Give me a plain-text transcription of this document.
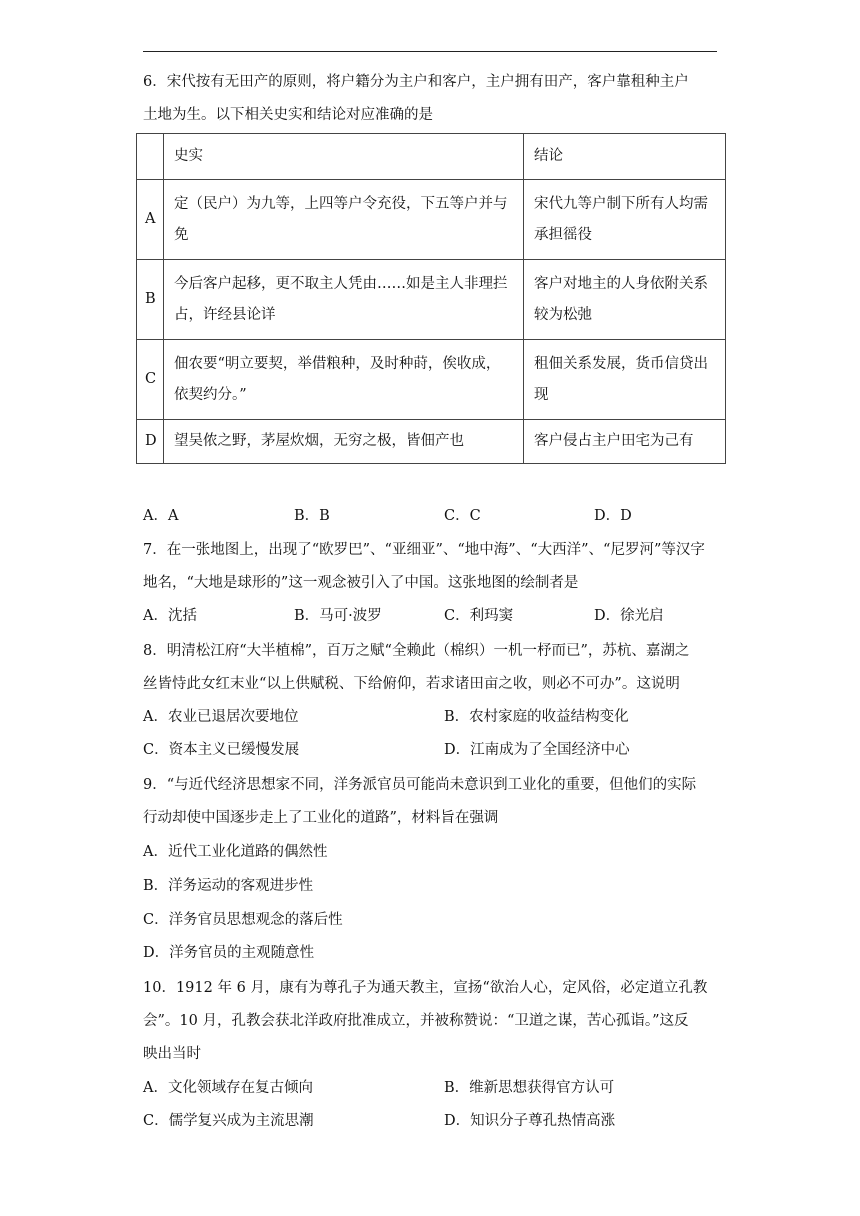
6．宋代按有无田产的原则，将户籍分为主户和客户，主户拥有田产，客户靠租种主户
土地为生。以下相关史实和结论对应准确的是
	史实	结论
A	定（民户）为九等，上四等户令充役，下五等户并与免	宋代九等户制下所有人均需承担徭役
B	今后客户起移，更不取主人凭由……如是主人非理拦占，许经县论详	客户对地主的人身依附关系较为松弛
C	佃农要“明立要契，举借粮种，及时种莳，俟收成，依契约分。”	租佃关系发展，货币信贷出现
D	望吴侬之野，茅屋炊烟，无穷之极，皆佃产也	客户侵占主户田宅为己有
A．A	B．B	C．C	D．D
7．在一张地图上，出现了“欧罗巴”、“亚细亚”、“地中海”、“大西洋”、“尼罗河”等汉字
地名，“大地是球形的”这一观念被引入了中国。这张地图的绘制者是
A．沈括	B．马可·波罗	C．利玛窦	D．徐光启
8．明清松江府“大半植棉”，百万之赋“全赖此（棉织）一机一杼而已”，苏杭、嘉湖之
丝皆恃此女红末业“以上供赋税、下给俯仰，若求诸田亩之收，则必不可办”。这说明
A．农业已退居次要地位	B．农村家庭的收益结构变化
C．资本主义已缓慢发展	D．江南成为了全国经济中心
9．“与近代经济思想家不同，洋务派官员可能尚未意识到工业化的重要，但他们的实际
行动却使中国逐步走上了工业化的道路”，材料旨在强调
A．近代工业化道路的偶然性
B．洋务运动的客观进步性
C．洋务官员思想观念的落后性
D．洋务官员的主观随意性
10．1912 年 6 月，康有为尊孔子为通天教主，宣扬“欲治人心，定风俗，必定道立孔教
会”。10 月，孔教会获北洋政府批准成立，并被称赞说：“卫道之谋，苦心孤诣。”这反
映出当时
A．文化领域存在复古倾向	B．维新思想获得官方认可
C．儒学复兴成为主流思潮	D．知识分子尊孔热情高涨
